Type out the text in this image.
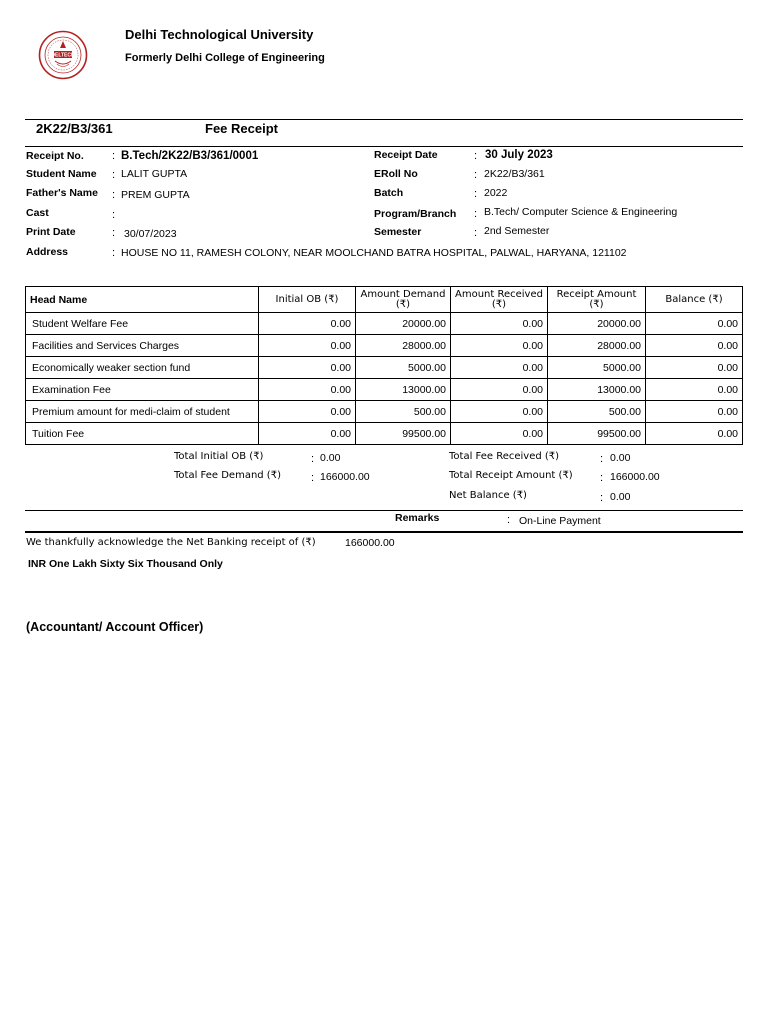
DELTECH
Delhi Technological University
Formerly Delhi College of Engineering
2K22/B3/361	Fee Receipt
Receipt No.	: B.Tech/2K22/B3/361/0001
Student Name : LALIT GUPTA
Father's Name : PREM GUPTA
Cast	:
Print Date	: 30/07/2023
Address	: HOUSE NO 11, RAMESH COLONY, NEAR MOOLCHAND BATRA HOSPITAL, PALWAL, HARYANA, 121102
Receipt Date	: 30 July 2023
ERoll No	: 2K22/B3/361
Batch	: 2022
Program/Branch : B.Tech/ Computer Science & Engineering
Semester	: 2nd Semester
Head Name	Initial OB (₹)	Amount Demand (₹)	Amount Received (₹)	Receipt Amount (₹)	Balance (₹)
Student Welfare Fee	0.00	20000.00	0.00	20000.00	0.00
Facilities and Services Charges	0.00	28000.00	0.00	28000.00	0.00
Economically weaker section fund	0.00	5000.00	0.00	5000.00	0.00
Examination Fee	0.00	13000.00	0.00	13000.00	0.00
Premium amount for medi-claim of student	0.00	500.00	0.00	500.00	0.00
Tuition Fee	0.00	99500.00	0.00	99500.00	0.00
Total Initial OB (₹)	: 0.00
Total Fee Demand (₹)	: 166000.00
Total Fee Received (₹)	: 0.00
Total Receipt Amount (₹) : 166000.00
Net Balance (₹)	: 0.00
Remarks	: On-Line Payment
We thankfully acknowledge the Net Banking receipt of (₹)	166000.00
INR One Lakh Sixty Six Thousand Only
(Accountant/ Account Officer)
